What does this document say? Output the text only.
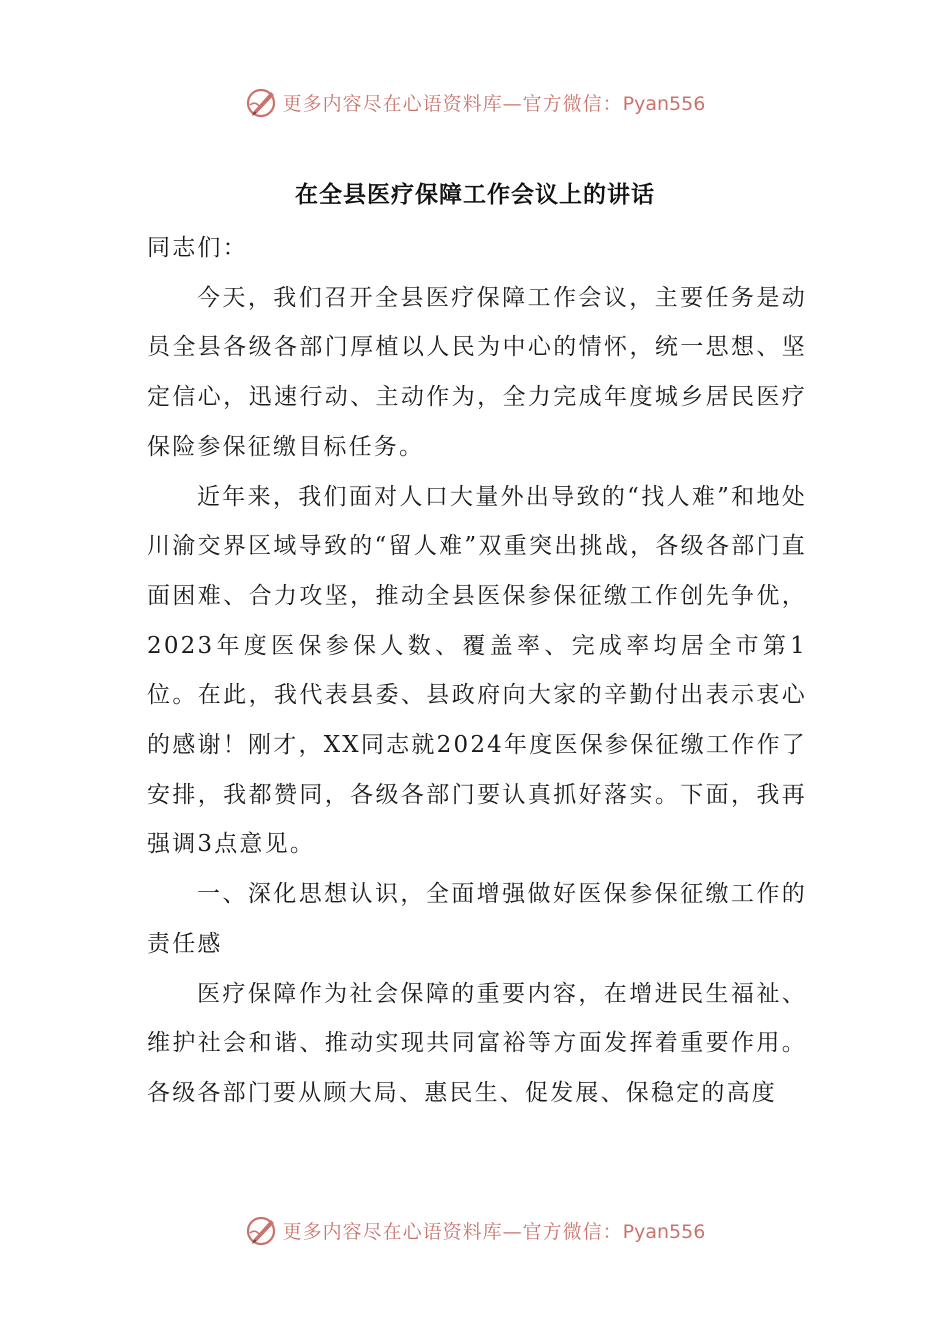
更多内容尽在心语资料库—官方微信：Pyan556
在全县医疗保障工作会议上的讲话

同志们：

今天，我们召开全县医疗保障工作会议，主要任务是动员全县各级各部门厚植以人民为中心的情怀，统一思想、坚定信心，迅速行动、主动作为，全力完成年度城乡居民医疗保险参保征缴目标任务。

近年来，我们面对人口大量外出导致的“找人难”和地处川渝交界区域导致的“留人难”双重突出挑战，各级各部门直面困难、合力攻坚，推动全县医保参保征缴工作创先争优，2023年度医保参保人数、覆盖率、完成率均居全市第1位。在此，我代表县委、县政府向大家的辛勤付出表示衷心的感谢！刚才，XX同志就2024年度医保参保征缴工作作了安排，我都赞同，各级各部门要认真抓好落实。下面，我再强调3点意见。

一、深化思想认识，全面增强做好医保参保征缴工作的责任感

医疗保障作为社会保障的重要内容，在增进民生福祉、维护社会和谐、推动实现共同富裕等方面发挥着重要作用。各级各部门要从顾大局、惠民生、促发展、保稳定的高度

更多内容尽在心语资料库—官方微信：Pyan556
